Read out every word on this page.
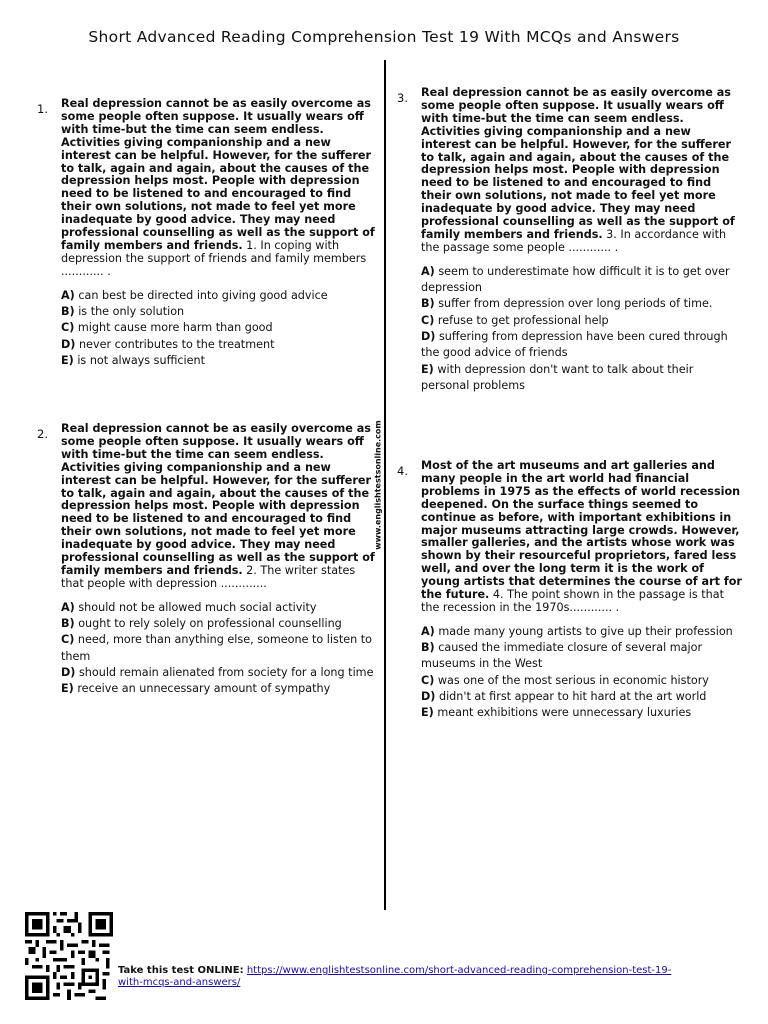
Short Advanced Reading Comprehension Test 19 With MCQs and Answers
www.englishtestsonline.com
1. Real depression cannot be as easily overcome as some people often suppose. It usually wears off with time-but the time can seem endless. Activities giving companionship and a new interest can be helpful. However, for the sufferer to talk, again and again, about the causes of the depression helps most. People with depression need to be listened to and encouraged to find their own solutions, not made to feel yet more inadequate by good advice. They may need professional counselling as well as the support of family members and friends. 1. In coping with depression the support of friends and family members ............ .
A) can best be directed into giving good advice
B) is the only solution
C) might cause more harm than good
D) never contributes to the treatment
E) is not always sufficient
2. Real depression cannot be as easily overcome as some people often suppose. It usually wears off with time-but the time can seem endless. Activities giving companionship and a new interest can be helpful. However, for the sufferer to talk, again and again, about the causes of the depression helps most. People with depression need to be listened to and encouraged to find their own solutions, not made to feel yet more inadequate by good advice. They may need professional counselling as well as the support of family members and friends. 2. The writer states that people with depression .............
A) should not be allowed much social activity
B) ought to rely solely on professional counselling
C) need, more than anything else, someone to listen to them
D) should remain alienated from society for a long time
E) receive an unnecessary amount of sympathy
3. Real depression cannot be as easily overcome as some people often suppose. It usually wears off with time-but the time can seem endless. Activities giving companionship and a new interest can be helpful. However, for the sufferer to talk, again and again, about the causes of the depression helps most. People with depression need to be listened to and encouraged to find their own solutions, not made to feel yet more inadequate by good advice. They may need professional counselling as well as the support of family members and friends. 3. In accordance with the passage some people ............ .
A) seem to underestimate how difficult it is to get over depression
B) suffer from depression over long periods of time.
C) refuse to get professional help
D) suffering from depression have been cured through the good advice of friends
E) with depression don't want to talk about their personal problems
4. Most of the art museums and art galleries and many people in the art world had financial problems in 1975 as the effects of world recession deepened. On the surface things seemed to continue as before, with important exhibitions in major museums attracting large crowds. However, smaller galleries, and the artists whose work was shown by their resourceful proprietors, fared less well, and over the long term it is the work of young artists that determines the course of art for the future. 4. The point shown in the passage is that the recession in the 1970s............ .
A) made many young artists to give up their profession
B) caused the immediate closure of several major museums in the West
C) was one of the most serious in economic history
D) didn't at first appear to hit hard at the art world
E) meant exhibitions were unnecessary luxuries
Take this test ONLINE: https://www.englishtestsonline.com/short-advanced-reading-comprehension-test-19-with-mcqs-and-answers/
